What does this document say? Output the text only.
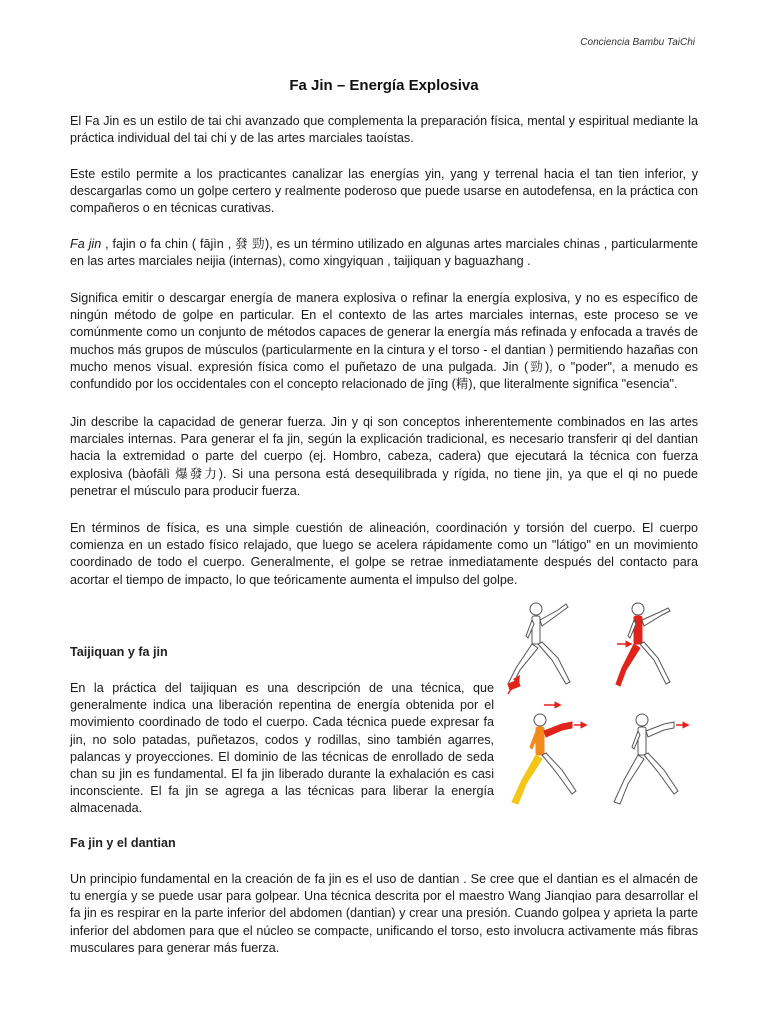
Conciencia Bambu TaiChi
Fa Jin – Energía Explosiva

El Fa Jin es un estilo de tai chi avanzado que complementa la preparación física, mental y espiritual mediante la práctica individual del tai chi y de las artes marciales taoístas.

Este estilo permite a los practicantes canalizar las energías yin, yang y terrenal hacia el tan tien inferior, y descargarlas como un golpe certero y realmente poderoso que puede usarse en autodefensa, en la práctica con compañeros o en técnicas curativas.

Fa jin , fajin o fa chin ( fājìn , 發 勁), es un término utilizado en algunas artes marciales chinas , particularmente en las artes marciales neijia (internas), como xingyiquan , taijiquan y baguazhang .

Significa emitir o descargar energía de manera explosiva o refinar la energía explosiva, y no es específico de ningún método de golpe en particular. En el contexto de las artes marciales internas, este proceso se ve comúnmente como un conjunto de métodos capaces de generar la energía más refinada y enfocada a través de muchos más grupos de músculos (particularmente en la cintura y el torso - el dantian ) permitiendo hazañas con mucho menos visual. expresión física como el puñetazo de una pulgada. Jin (勁), o "poder", a menudo es confundido por los occidentales con el concepto relacionado de jīng (精), que literalmente significa "esencia".

Jin describe la capacidad de generar fuerza. Jin y qi son conceptos inherentemente combinados en las artes marciales internas. Para generar el fa jin, según la explicación tradicional, es necesario transferir qi del dantian hacia la extremidad o parte del cuerpo (ej. Hombro, cabeza, cadera) que ejecutará la técnica con fuerza explosiva (bàofālì 爆發力). Si una persona está desequilibrada y rígida, no tiene jin, ya que el qi no puede penetrar el músculo para producir fuerza.

En términos de física, es una simple cuestión de alineación, coordinación y torsión del cuerpo. El cuerpo comienza en un estado físico relajado, que luego se acelera rápidamente como un "látigo" en un movimiento coordinado de todo el cuerpo. Generalmente, el golpe se retrae inmediatamente después del contacto para acortar el tiempo de impacto, lo que teóricamente aumenta el impulso del golpe.

Taijiquan y fa jin

En la práctica del taijiquan es una descripción de una técnica, que generalmente indica una liberación repentina de energía obtenida por el movimiento coordinado de todo el cuerpo. Cada técnica puede expresar fa jin, no solo patadas, puñetazos, codos y rodillas, sino también agarres, palancas y proyecciones. El dominio de las técnicas de enrollado de seda chan su jin es fundamental. El fa jin liberado durante la exhalación es casi inconsciente. El fa jin se agrega a las técnicas para liberar la energía almacenada.

Fa jin y el dantian

Un principio fundamental en la creación de fa jin es el uso de dantian . Se cree que el dantian es el almacén de tu energía y se puede usar para golpear. Una técnica descrita por el maestro Wang Jianqiao para desarrollar el fa jin es respirar en la parte inferior del abdomen (dantian) y crear una presión. Cuando golpea y aprieta la parte inferior del abdomen para que el núcleo se compacte, unificando el torso, esto involucra activamente más fibras musculares para generar más fuerza.
